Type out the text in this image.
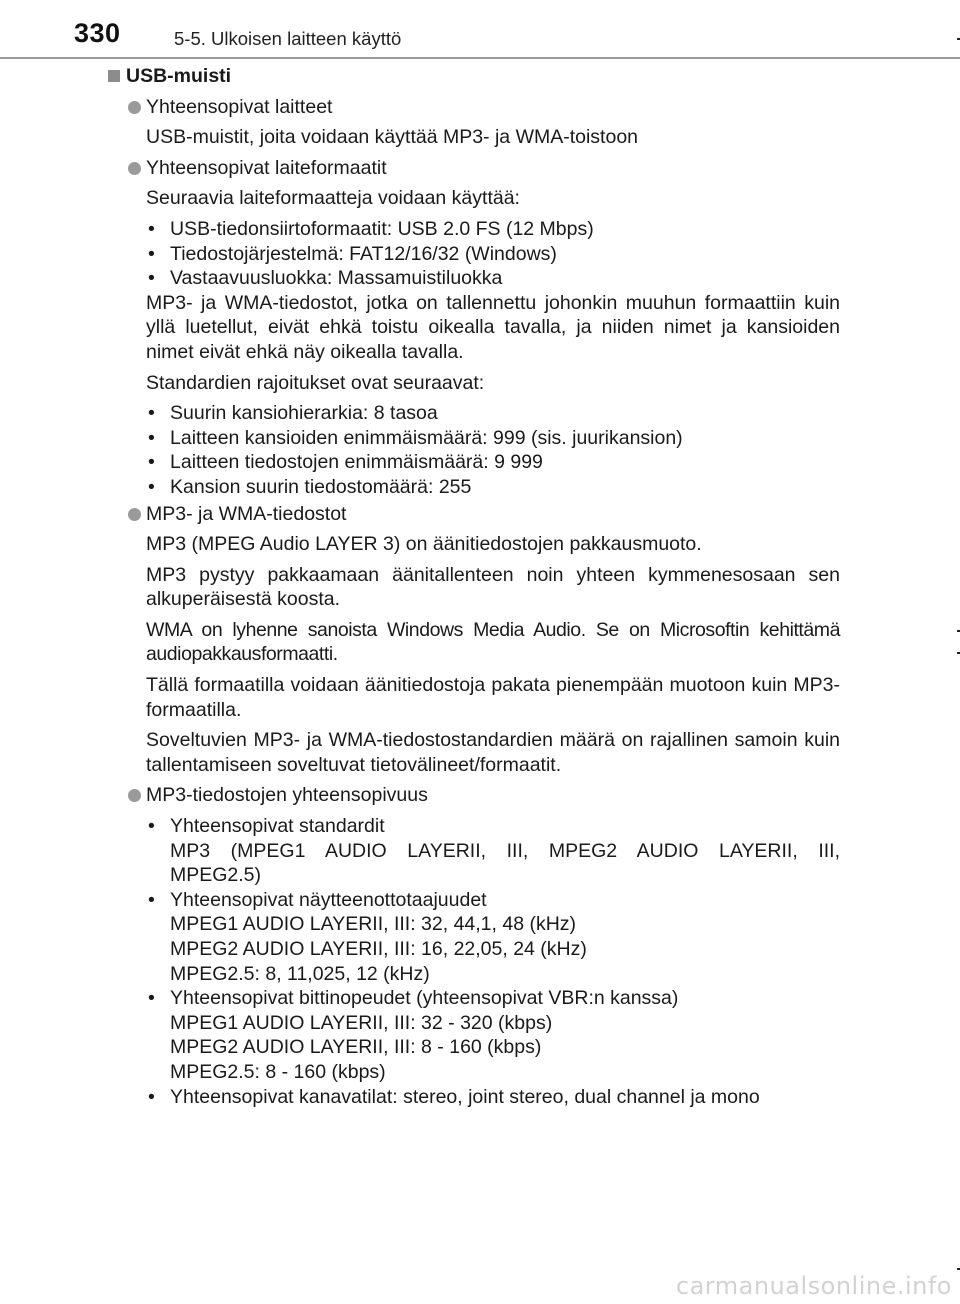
330	5-5. Ulkoisen laitteen käyttö
USB-muisti
Yhteensopivat laitteet
USB-muistit, joita voidaan käyttää MP3- ja WMA-toistoon
Yhteensopivat laiteformaatit
Seuraavia laiteformaatteja voidaan käyttää:
• USB-tiedonsiirtoformaatit: USB 2.0 FS (12 Mbps)
• Tiedostojärjestelmä: FAT12/16/32 (Windows)
• Vastaavuusluokka: Massamuistiluokka
MP3- ja WMA-tiedostot, jotka on tallennettu johonkin muuhun formaattiin kuin yllä luetellut, eivät ehkä toistu oikealla tavalla, ja niiden nimet ja kansioiden nimet eivät ehkä näy oikealla tavalla.
Standardien rajoitukset ovat seuraavat:
• Suurin kansiohierarkia: 8 tasoa
• Laitteen kansioiden enimmäismäärä: 999 (sis. juurikansion)
• Laitteen tiedostojen enimmäismäärä: 9 999
• Kansion suurin tiedostomäärä: 255
MP3- ja WMA-tiedostot
MP3 (MPEG Audio LAYER 3) on äänitiedostojen pakkausmuoto.
MP3 pystyy pakkaamaan äänitallenteen noin yhteen kymmenesosaan sen alkuperäisestä koosta.
WMA on lyhenne sanoista Windows Media Audio. Se on Microsoftin kehittämä audiopakkausformaatti.
Tällä formaatilla voidaan äänitiedostoja pakata pienempään muotoon kuin MP3-formaatilla.
Soveltuvien MP3- ja WMA-tiedostostandardien määrä on rajallinen samoin kuin tallentamiseen soveltuvat tietovälineet/formaatit.
MP3-tiedostojen yhteensopivuus
• Yhteensopivat standardit
MP3 (MPEG1 AUDIO LAYERII, III, MPEG2 AUDIO LAYERII, III,
MPEG2.5)
• Yhteensopivat näytteenottotaajuudet
MPEG1 AUDIO LAYERII, III: 32, 44,1, 48 (kHz)
MPEG2 AUDIO LAYERII, III: 16, 22,05, 24 (kHz)
MPEG2.5: 8, 11,025, 12 (kHz)
• Yhteensopivat bittinopeudet (yhteensopivat VBR:n kanssa)
MPEG1 AUDIO LAYERII, III: 32 - 320 (kbps)
MPEG2 AUDIO LAYERII, III: 8 - 160 (kbps)
MPEG2.5: 8 - 160 (kbps)
• Yhteensopivat kanavatilat: stereo, joint stereo, dual channel ja mono
carmanualsonline.info
